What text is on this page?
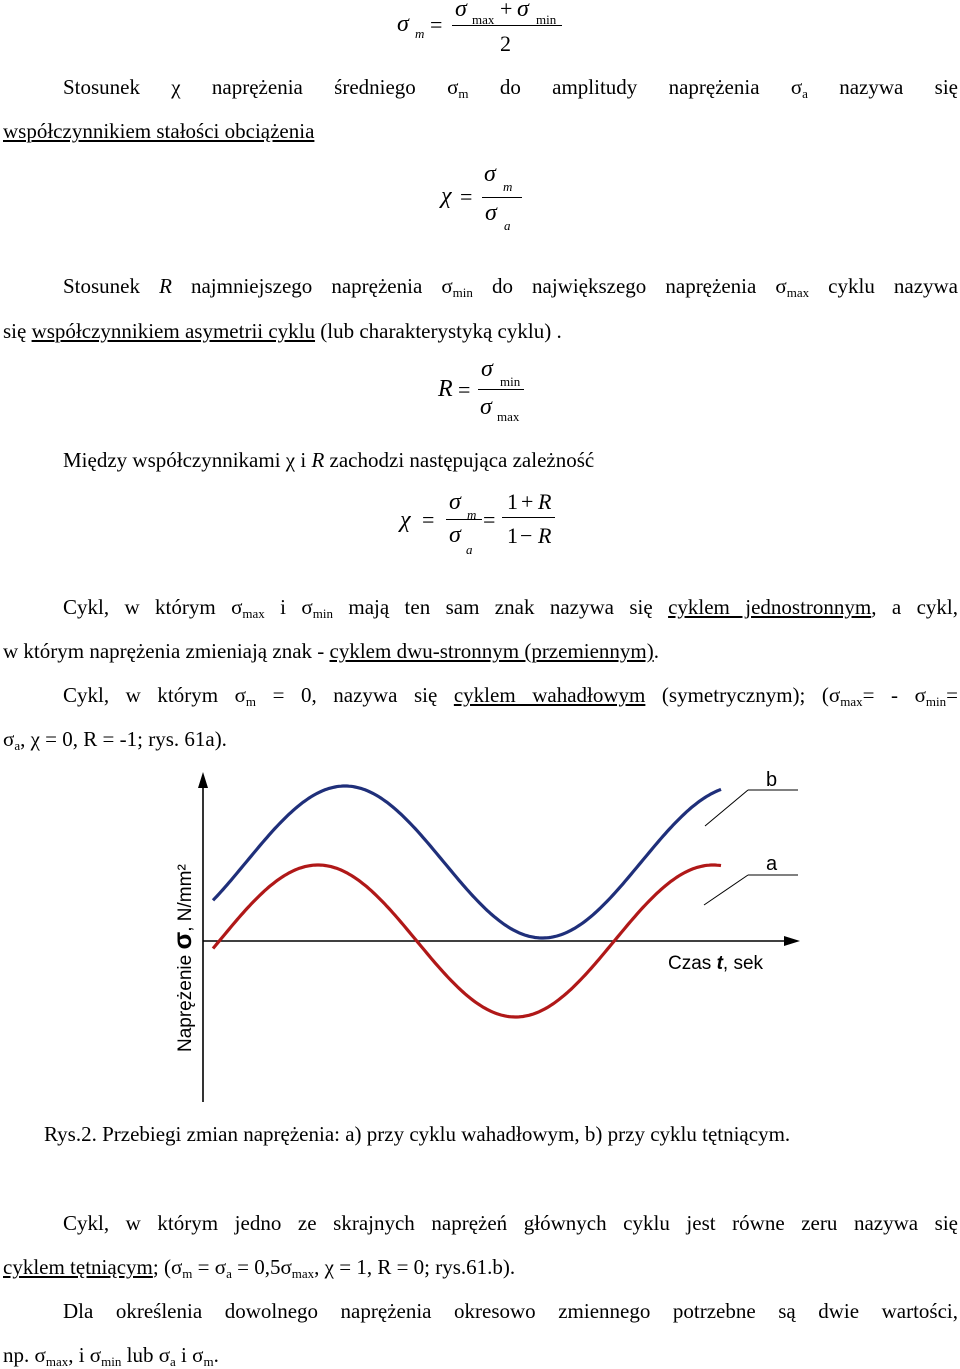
σ m =
σ max + σ min
2
Stosunek χ naprężenia średniego $\sigma_m$ do amplitudy naprężenia $\sigma_a$ nazywa się
współczynnikiem stałości obciążenia
χ =
σ m
σ a
Stosunek R najmniejszego naprężenia $\sigma_{min}$ do największego naprężenia $\sigma_{max}$ cyklu nazywa
się współczynnikiem asymetrii cyklu (lub charakterystyką cyklu) .
R =
σ min
σ max
Między współczynnikami χ i R zachodzi następująca zależność
χ =
σ m
σ
a
=
1 + R
1 − R
Cykl, w którym $\sigma_{max}$ i $\sigma_{min}$ mają ten sam znak nazywa się cyklem jednostronnym, a cykl,
w którym naprężenia zmieniają znak - cyklem dwu-stronnym (przemiennym).
Cykl, w którym $\sigma_m = 0$, nazywa się cyklem wahadłowym (symetrycznym); ($\sigma_{max}= - \sigma_{min}=$
$\sigma_a$, χ = 0, R = -1; rys. 61a).
b
a
Czas t, sek
Naprężenie σ, N/mm²
Rys.2. Przebiegi zmian naprężenia: a) przy cyklu wahadłowym, b) przy cyklu tętniącym.
Cykl, w którym jedno ze skrajnych naprężeń głównych cyklu jest równe zeru nazywa się
cyklem tętniącym; ($\sigma_m = \sigma_a = 0,5\sigma_{max}$, χ = 1, R = 0; rys.61.b).
Dla określenia dowolnego naprężenia okresowo zmiennego potrzebne są dwie wartości,
np. $\sigma_{max}$, i $\sigma_{min}$ lub $\sigma_a$ i $\sigma_m$.
